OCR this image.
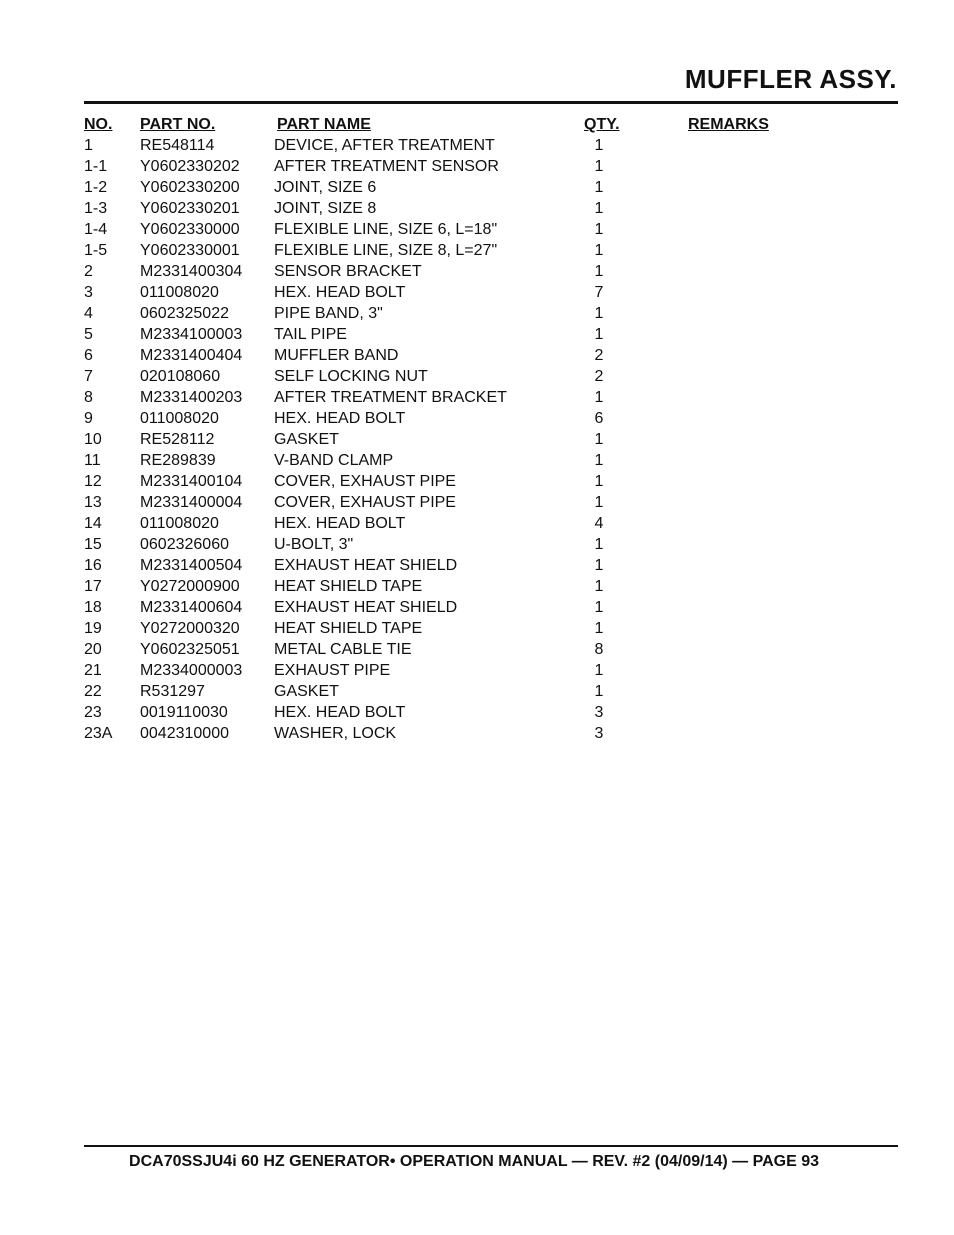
MUFFLER ASSY.
NO. PART NO.	PART NAME	QTY.	REMARKS
1	RE548114	DEVICE, AFTER TREATMENT	1
1-1 Y0602330202 AFTER TREATMENT SENSOR	1
1-2 Y0602330200 JOINT, SIZE 6	1
1-3 Y0602330201 JOINT, SIZE 8	1
1-4 Y0602330000 FLEXIBLE LINE, SIZE 6, L=18"	1
1-5 Y0602330001 FLEXIBLE LINE, SIZE 8, L=27"	1
2	M2331400304 SENSOR BRACKET	1
3	011008020	HEX. HEAD BOLT	7
4	0602325022	PIPE BAND, 3"	1
5	M2334100003 TAIL PIPE	1
6	M2331400404 MUFFLER BAND	2
7	020108060	SELF LOCKING NUT	2
8	M2331400203 AFTER TREATMENT BRACKET	1
9	011008020	HEX. HEAD BOLT	6
10 RE528112	GASKET	1
11 RE289839	V-BAND CLAMP	1
12 M2331400104 COVER, EXHAUST PIPE	1
13 M2331400004 COVER, EXHAUST PIPE	1
14 011008020	HEX. HEAD BOLT	4
15 0602326060	U-BOLT, 3"	1
16 M2331400504 EXHAUST HEAT SHIELD	1
17 Y0272000900 HEAT SHIELD TAPE	1
18 M2331400604 EXHAUST HEAT SHIELD	1
19 Y0272000320 HEAT SHIELD TAPE	1
20 Y0602325051 METAL CABLE TIE	8
21 M2334000003 EXHAUST PIPE	1
22 R531297	GASKET	1
23 0019110030	HEX. HEAD BOLT	3
23A 0042310000	WASHER, LOCK	3
DCA70SSJU4i 60 HZ GENERATOR• OPERATION MANUAL — REV. #2 (04/09/14) — PAGE 93
